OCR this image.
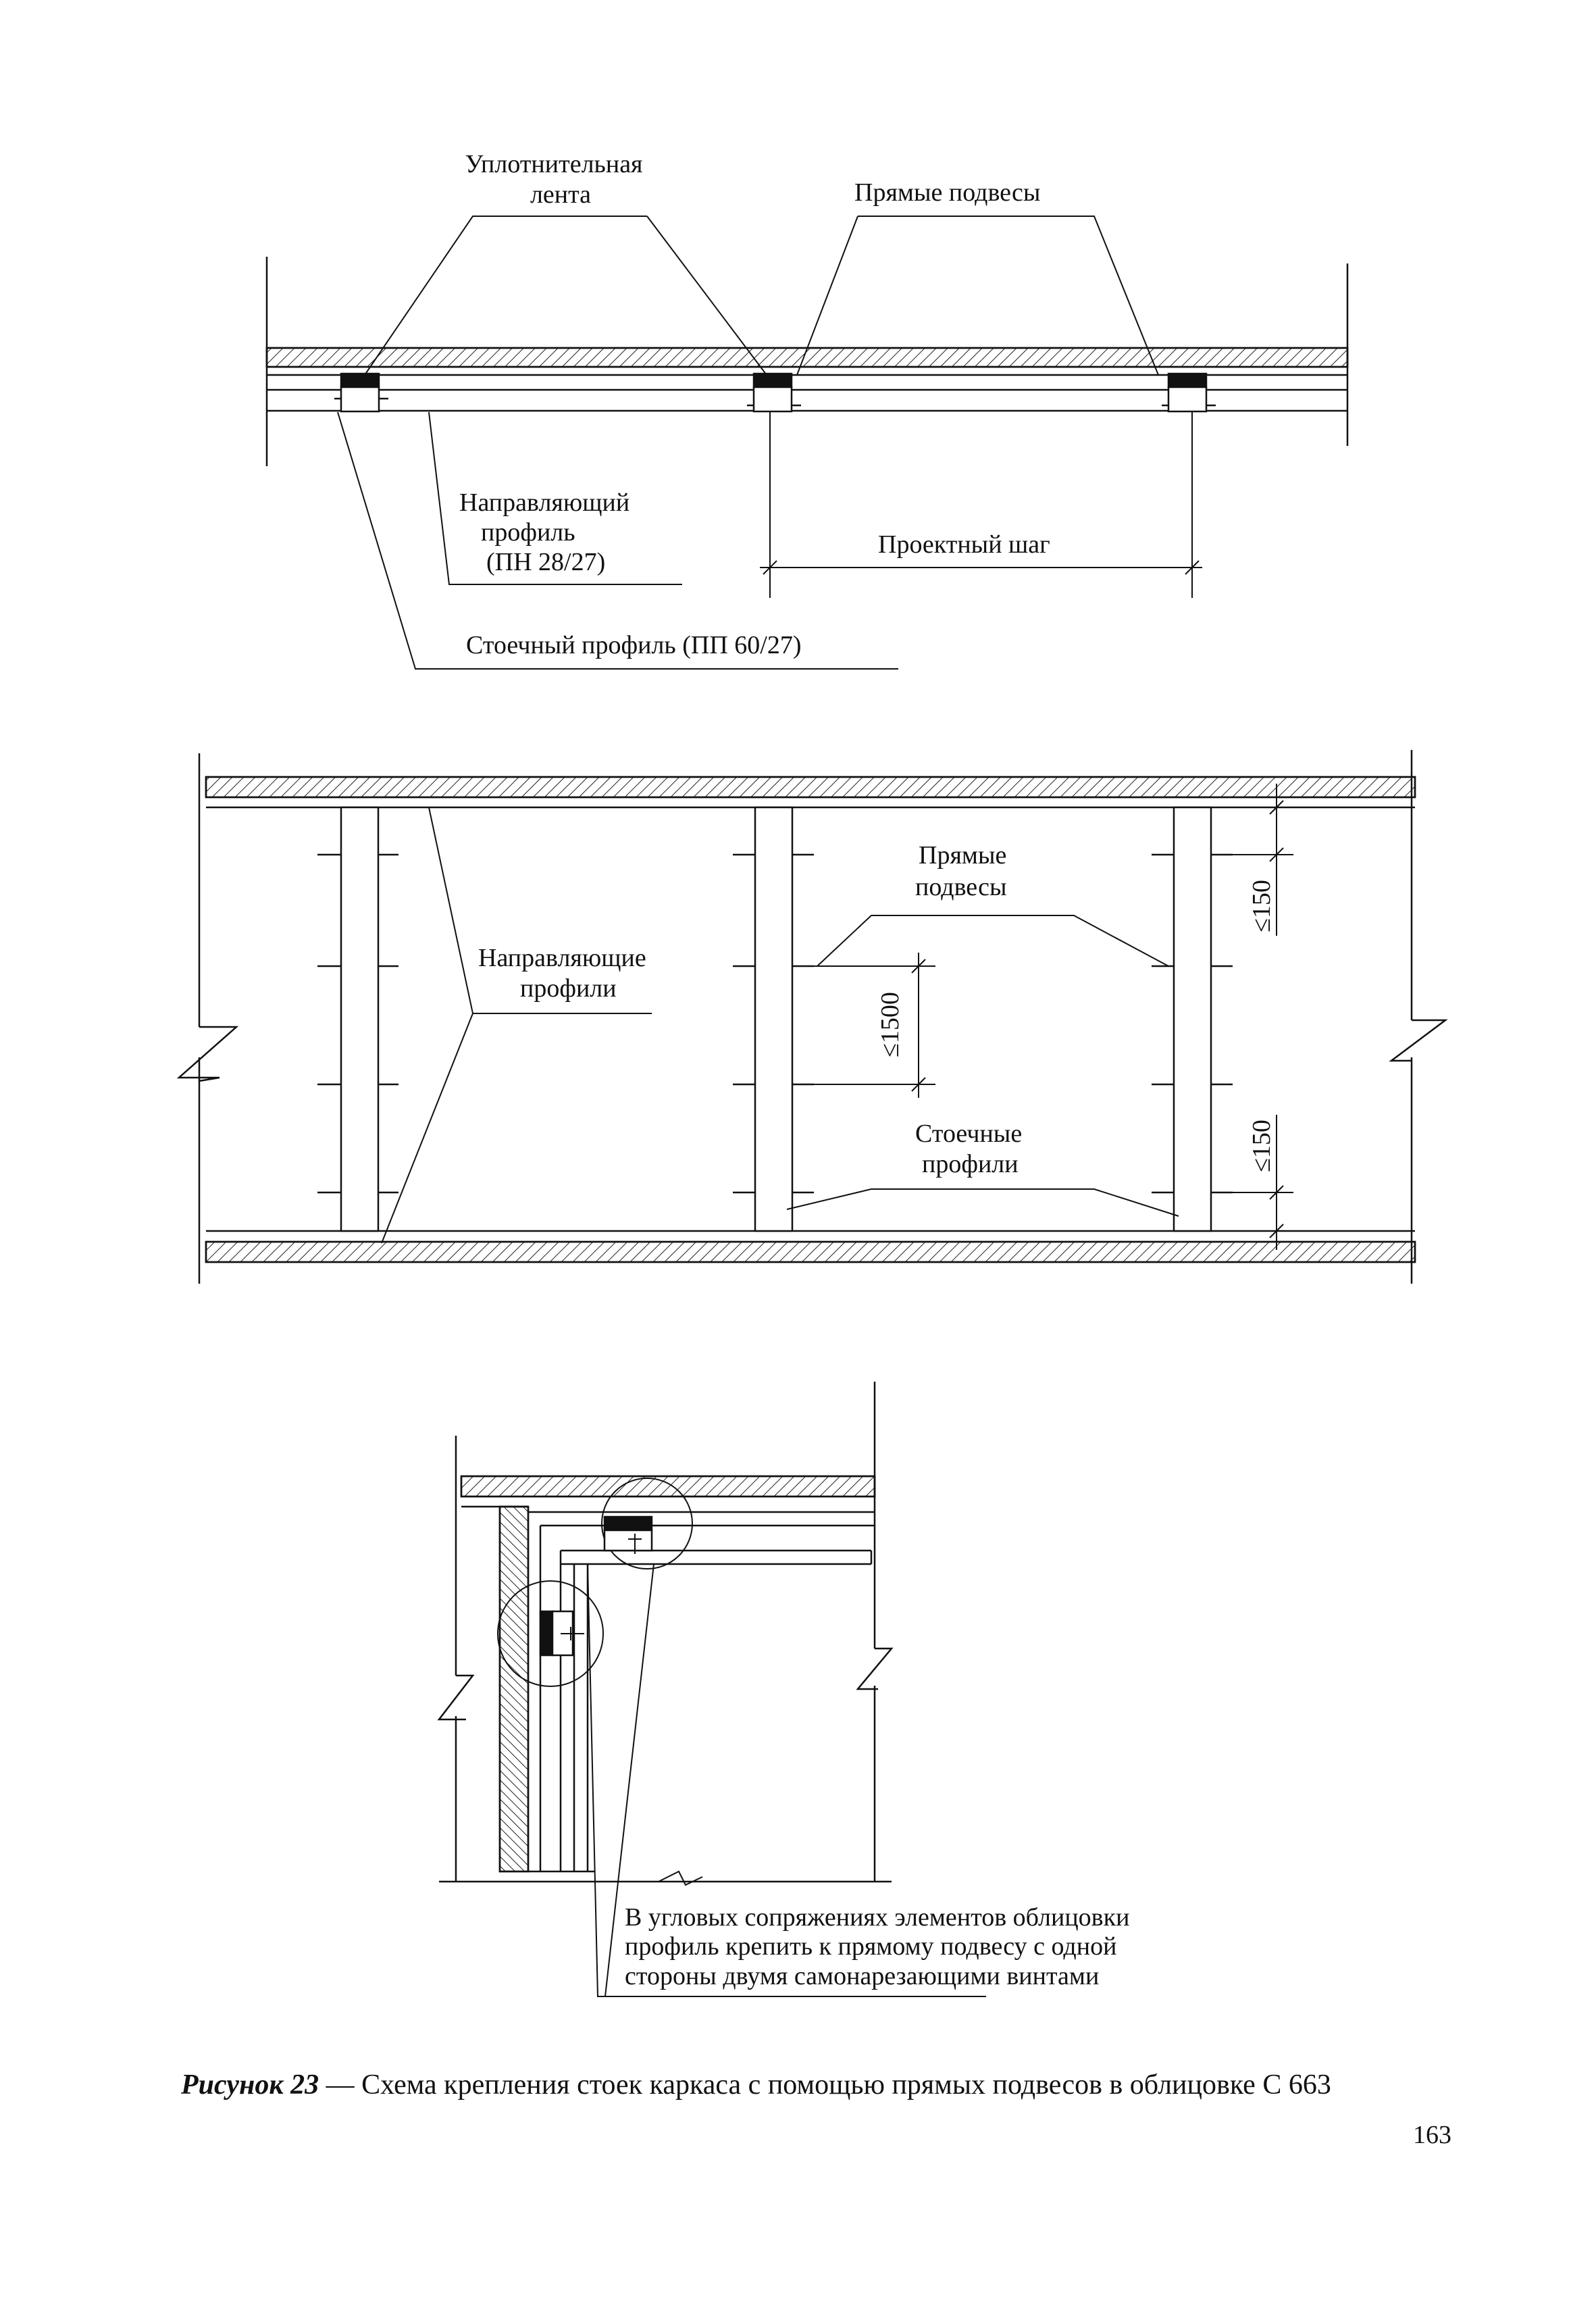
Уплотнительная
лента	Прямые подвесы
Направляющий
профиль
(ПН 28/27)
Проектный шаг
Стоечный профиль (ПП 60/27)
Прямые
подвесы
Направляющие
профили
Стоечные
профили
≤1500
≤150
≤150
В угловых сопряжениях элементов облицовки
профиль крепить к прямому подвесу с одной
стороны двумя самонарезающими винтами
Рисунок 23 — Схема крепления стоек каркаса с помощью прямых подвесов в облицовке С 663
163
